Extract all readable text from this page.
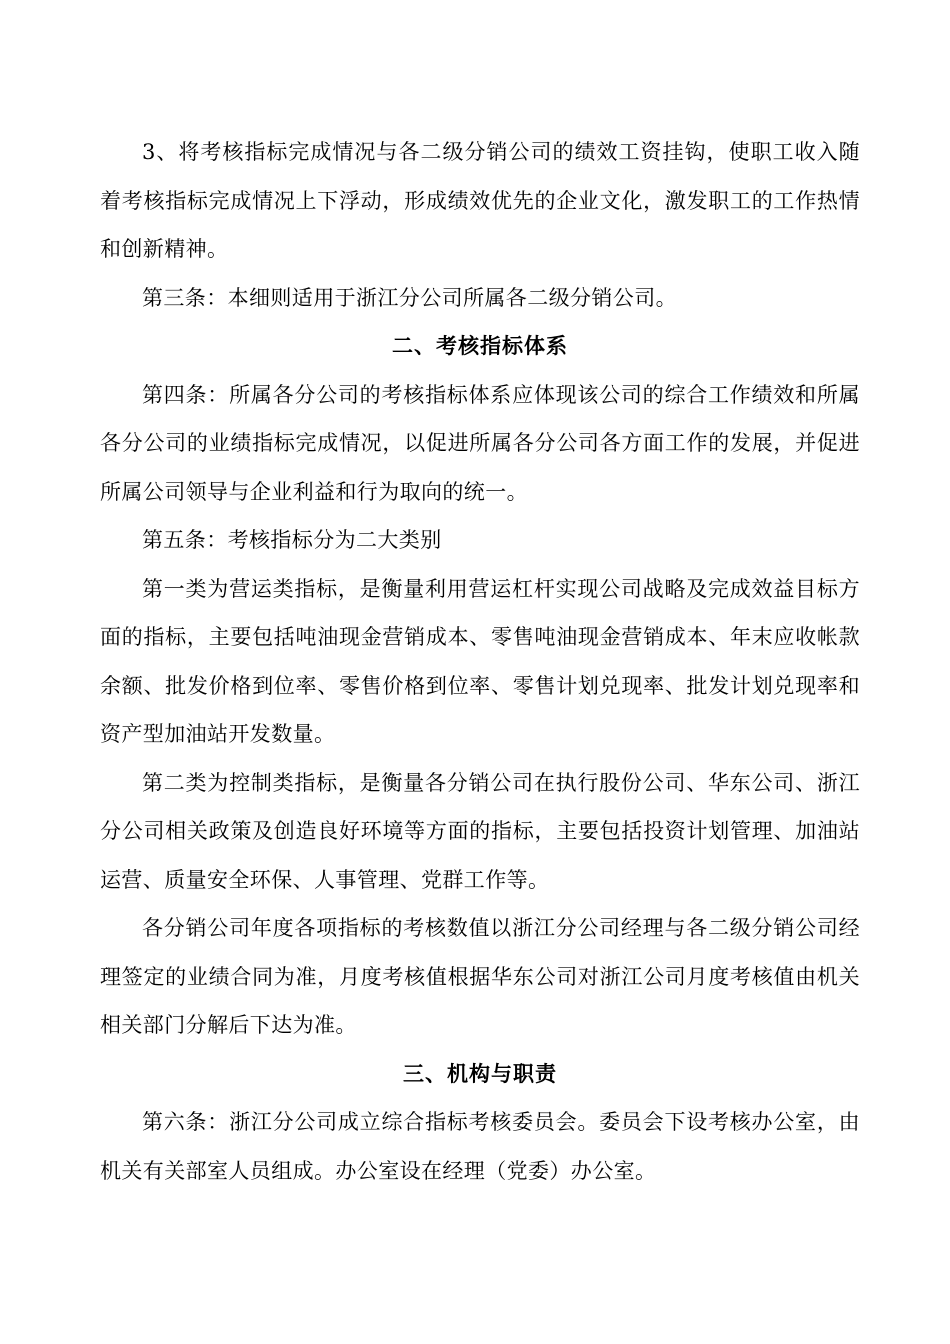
3、将考核指标完成情况与各二级分销公司的绩效工资挂钩，使职工收入随着考核指标完成情况上下浮动，形成绩效优先的企业文化，激发职工的工作热情和创新精神。

第三条：本细则适用于浙江分公司所属各二级分销公司。

二、考核指标体系

第四条：所属各分公司的考核指标体系应体现该公司的综合工作绩效和所属各分公司的业绩指标完成情况，以促进所属各分公司各方面工作的发展，并促进所属公司领导与企业利益和行为取向的统一。

第五条：考核指标分为二大类别

第一类为营运类指标，是衡量利用营运杠杆实现公司战略及完成效益目标方面的指标，主要包括吨油现金营销成本、零售吨油现金营销成本、年末应收帐款余额、批发价格到位率、零售价格到位率、零售计划兑现率、批发计划兑现率和资产型加油站开发数量。

第二类为控制类指标，是衡量各分销公司在执行股份公司、华东公司、浙江分公司相关政策及创造良好环境等方面的指标，主要包括投资计划管理、加油站运营、质量安全环保、人事管理、党群工作等。

各分销公司年度各项指标的考核数值以浙江分公司经理与各二级分销公司经理签定的业绩合同为准，月度考核值根据华东公司对浙江公司月度考核值由机关相关部门分解后下达为准。

三、机构与职责

第六条：浙江分公司成立综合指标考核委员会。委员会下设考核办公室，由机关有关部室人员组成。办公室设在经理（党委）办公室。
